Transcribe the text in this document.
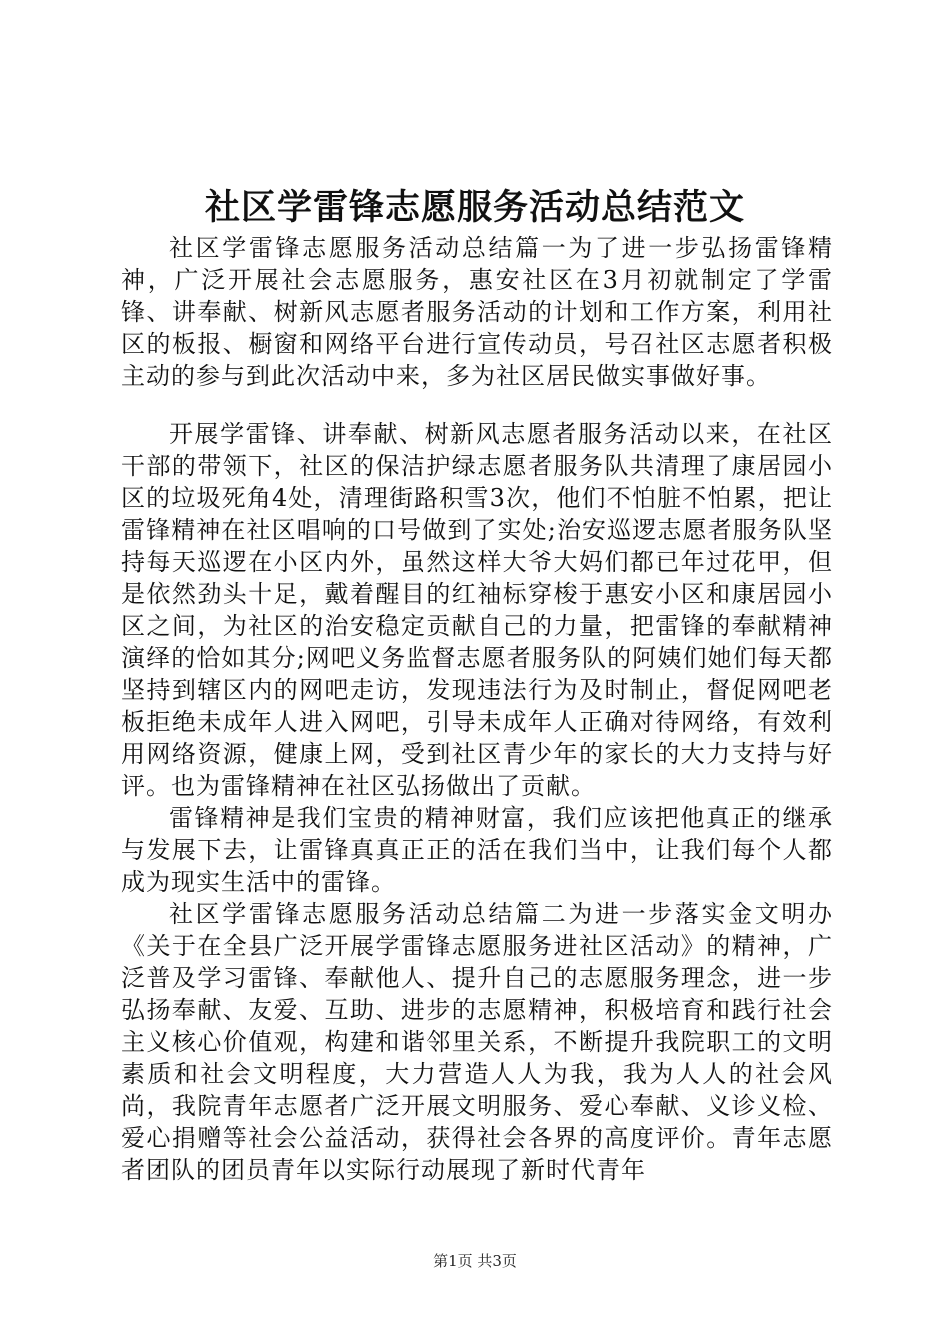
社区学雷锋志愿服务活动总结范文

社区学雷锋志愿服务活动总结篇一为了进一步弘扬雷锋精神，广泛开展社会志愿服务，惠安社区在3月初就制定了学雷锋、讲奉献、树新风志愿者服务活动的计划和工作方案，利用社区的板报、橱窗和网络平台进行宣传动员，号召社区志愿者积极主动的参与到此次活动中来，多为社区居民做实事做好事。

开展学雷锋、讲奉献、树新风志愿者服务活动以来，在社区干部的带领下，社区的保洁护绿志愿者服务队共清理了康居园小区的垃圾死角4处，清理街路积雪3次，他们不怕脏不怕累，把让雷锋精神在社区唱响的口号做到了实处;治安巡逻志愿者服务队坚持每天巡逻在小区内外，虽然这样大爷大妈们都已年过花甲，但是依然劲头十足，戴着醒目的红袖标穿梭于惠安小区和康居园小区之间，为社区的治安稳定贡献自己的力量，把雷锋的奉献精神演绎的恰如其分;网吧义务监督志愿者服务队的阿姨们她们每天都坚持到辖区内的网吧走访，发现违法行为及时制止，督促网吧老板拒绝未成年人进入网吧，引导未成年人正确对待网络，有效利用网络资源，健康上网，受到社区青少年的家长的大力支持与好评。也为雷锋精神在社区弘扬做出了贡献。

雷锋精神是我们宝贵的精神财富，我们应该把他真正的继承与发展下去，让雷锋真真正正的活在我们当中，让我们每个人都成为现实生活中的雷锋。

社区学雷锋志愿服务活动总结篇二为进一步落实金文明办《关于在全县广泛开展学雷锋志愿服务进社区活动》的精神，广泛普及学习雷锋、奉献他人、提升自己的志愿服务理念，进一步弘扬奉献、友爱、互助、进步的志愿精神，积极培育和践行社会主义核心价值观，构建和谐邻里关系，不断提升我院职工的文明素质和社会文明程度，大力营造人人为我，我为人人的社会风尚，我院青年志愿者广泛开展文明服务、爱心奉献、义诊义检、爱心捐赠等社会公益活动，获得社会各界的高度评价。青年志愿者团队的团员青年以实际行动展现了新时代青年

第1页 共3页
